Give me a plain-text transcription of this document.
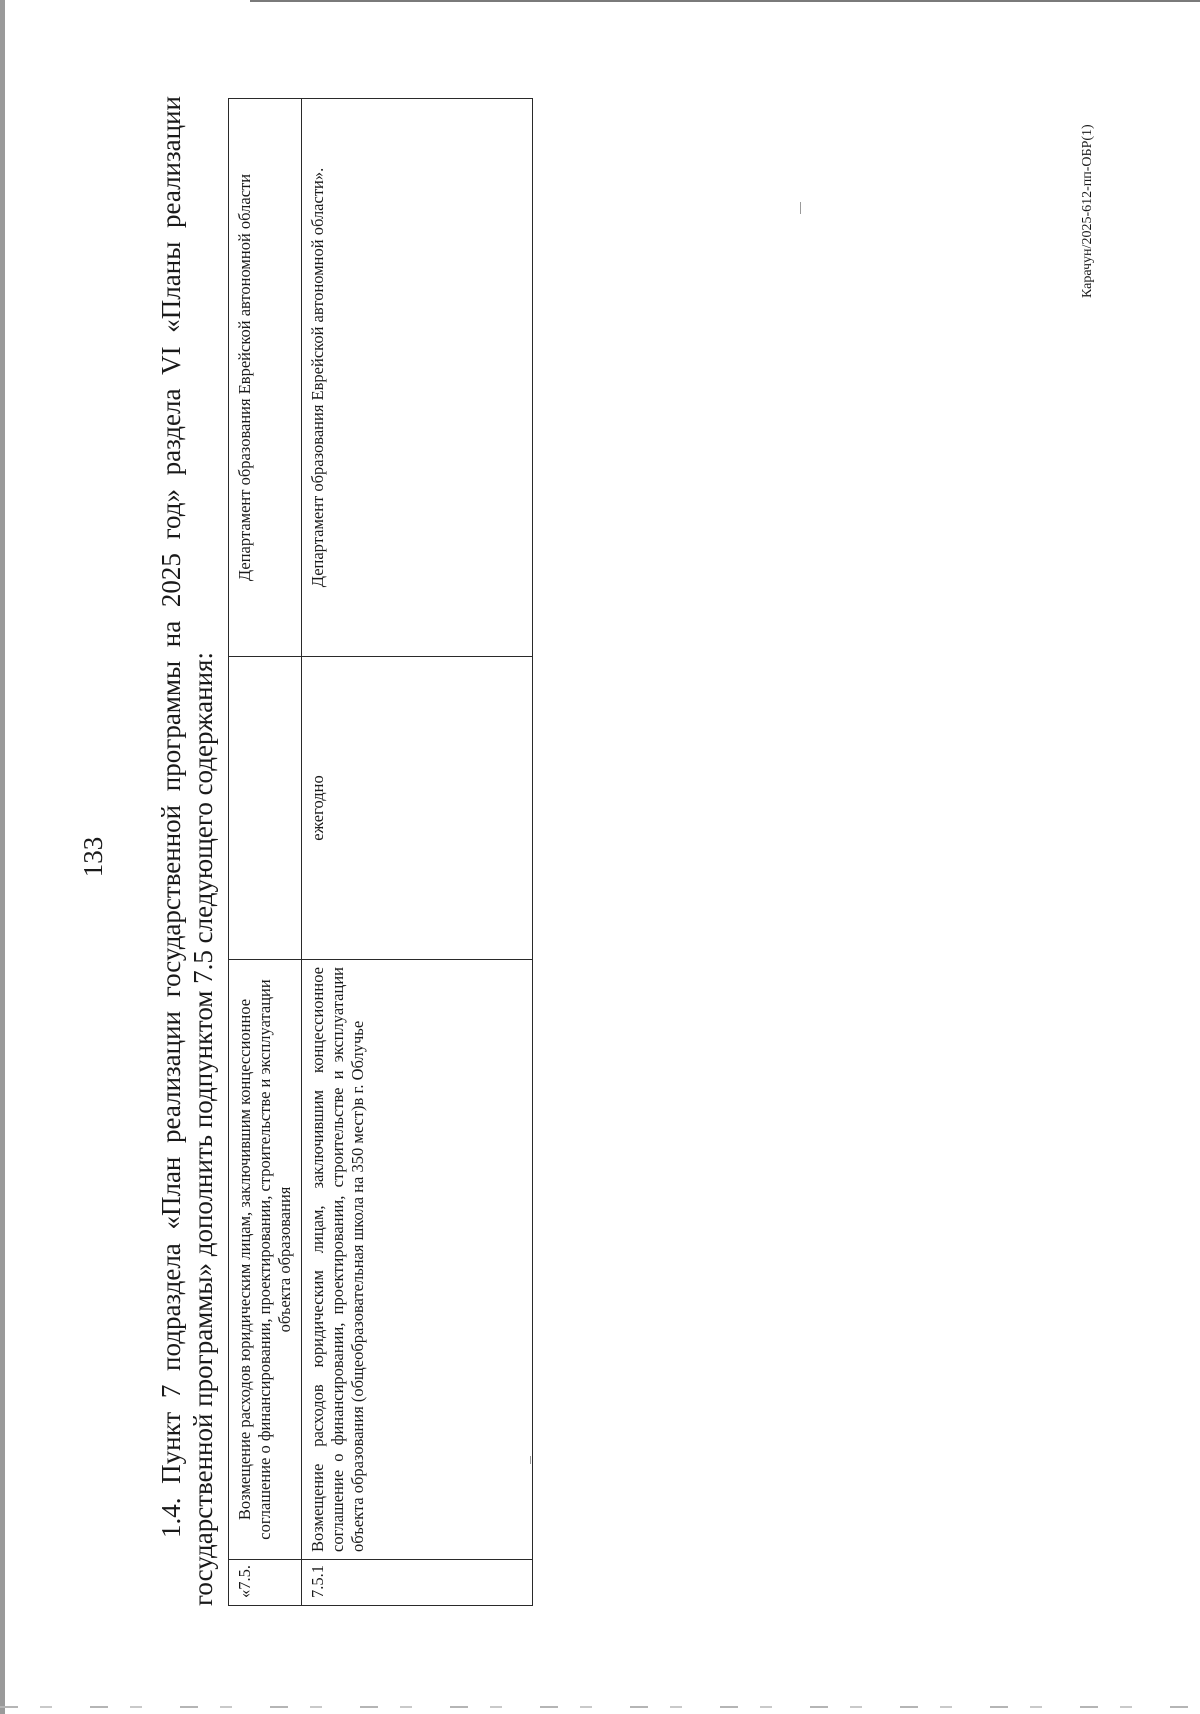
133 1.4. Пункт 7 подраздела «План реализации государственной программы на 2025 год» раздела VI «Планы реализации государственной программы» дополнить подпунктом 7.5 следующего содержания: «7.5.	Возмещение расходов юридическим лицам, заключившим концессионное соглашение о финансировании, проектировании, строительстве и эксплуатации объекта образования		Департамент образования Еврейской автономной области
7.5.1	Возмещение расходов юридическим лицам, заключившим концессионное соглашение о финансировании, проектировании, строительстве и эксплуатации объекта образования (общеобразовательная школа на 350 мест)в г. Облучье	ежегодно	Департамент образования Еврейской автономной области».	Карачун/2025-612-пп-ОБР(1)
